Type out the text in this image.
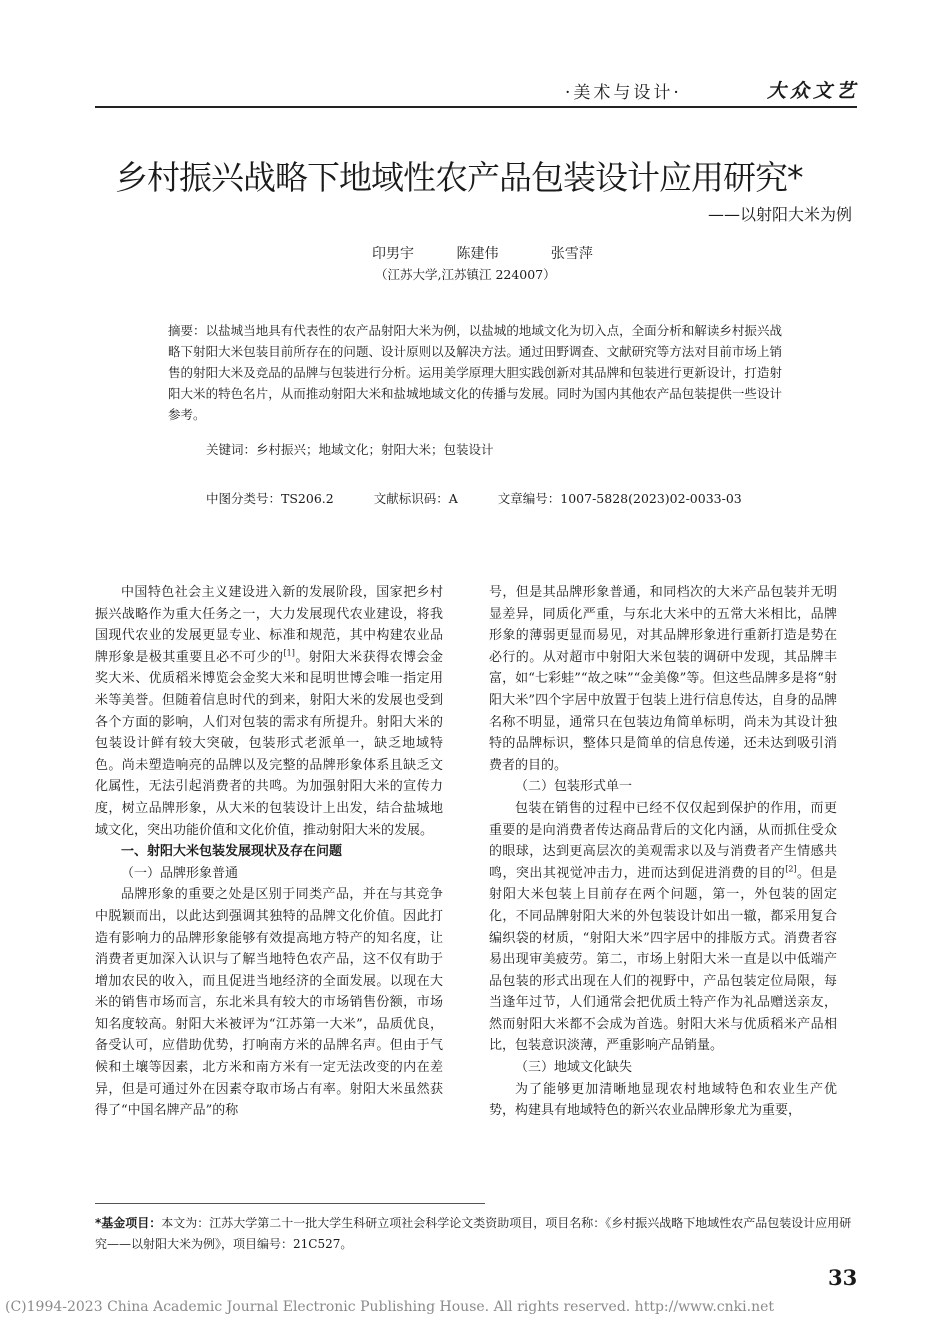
·美术与设计·	大众文艺
乡村振兴战略下地域性农产品包装设计应用研究*
——以射阳大米为例
印男宇	陈建伟	张雪萍
（江苏大学,江苏镇江 224007）
摘要：以盐城当地具有代表性的农产品射阳大米为例，以盐城的地域文化为切入点，全面分析和解读乡村振兴战略下射阳大米包装目前所存在的问题、设计原则以及解决方法。通过田野调查、文献研究等方法对目前市场上销售的射阳大米及竞品的品牌与包装进行分析。运用美学原理大胆实践创新对其品牌和包装进行更新设计，打造射阳大米的特色名片，从而推动射阳大米和盐城地域文化的传播与发展。同时为国内其他农产品包装提供一些设计参考。
关键词：乡村振兴；地域文化；射阳大米；包装设计
中图分类号：TS206.2	文献标识码：A	文章编号：1007-5828(2023)02-0033-03

中国特色社会主义建设进入新的发展阶段，国家把乡村振兴战略作为重大任务之一，大力发展现代农业建设，将我国现代农业的发展更显专业、标准和规范，其中构建农业品牌形象是极其重要且必不可少的[1]。射阳大米获得农博会金奖大米、优质稻米博览会金奖大米和昆明世博会唯一指定用米等美誉。但随着信息时代的到来，射阳大米的发展也受到各个方面的影响，人们对包装的需求有所提升。射阳大米的包装设计鲜有较大突破，包装形式老派单一，缺乏地域特色。尚未塑造响亮的品牌以及完整的品牌形象体系且缺乏文化属性，无法引起消费者的共鸣。为加强射阳大米的宣传力度，树立品牌形象，从大米的包装设计上出发，结合盐城地域文化，突出功能价值和文化价值，推动射阳大米的发展。

一、射阳大米包装发展现状及存在问题

（一）品牌形象普通

品牌形象的重要之处是区别于同类产品，并在与其竞争中脱颖而出，以此达到强调其独特的品牌文化价值。因此打造有影响力的品牌形象能够有效提高地方特产的知名度，让消费者更加深入认识与了解当地特色农产品，这不仅有助于增加农民的收入，而且促进当地经济的全面发展。以现在大米的销售市场而言，东北米具有较大的市场销售份额，市场知名度较高。射阳大米被评为“江苏第一大米”，品质优良，备受认可，应借助优势，打响南方米的品牌名声。但由于气候和土壤等因素，北方米和南方米有一定无法改变的内在差异，但是可通过外在因素夺取市场占有率。射阳大米虽然获得了“中国名牌产品”的称

号，但是其品牌形象普通，和同档次的大米产品包装并无明显差异，同质化严重，与东北大米中的五常大米相比，品牌形象的薄弱更显而易见，对其品牌形象进行重新打造是势在必行的。从对超市中射阳大米包装的调研中发现，其品牌丰富，如“七彩蛙”“故之味”“金美像”等。但这些品牌多是将“射阳大米”四个字居中放置于包装上进行信息传达，自身的品牌名称不明显，通常只在包装边角简单标明，尚未为其设计独特的品牌标识，整体只是简单的信息传递，还未达到吸引消费者的目的。

（二）包装形式单一

包装在销售的过程中已经不仅仅起到保护的作用，而更重要的是向消费者传达商品背后的文化内涵，从而抓住受众的眼球，达到更高层次的美观需求以及与消费者产生情感共鸣，突出其视觉冲击力，进而达到促进消费的目的[2]。但是射阳大米包装上目前存在两个问题，第一，外包装的固定化，不同品牌射阳大米的外包装设计如出一辙，都采用复合编织袋的材质，“射阳大米”四字居中的排版方式。消费者容易出现审美疲劳。第二，市场上射阳大米一直是以中低端产品包装的形式出现在人们的视野中，产品包装定位局限，每当逢年过节，人们通常会把优质土特产作为礼品赠送亲友，然而射阳大米都不会成为首选。射阳大米与优质稻米产品相比，包装意识淡薄，严重影响产品销量。

（三）地域文化缺失

为了能够更加清晰地显现农村地域特色和农业生产优势，构建具有地域特色的新兴农业品牌形象尤为重要，

*基金项目：本文为：江苏大学第二十一批大学生科研立项社会科学论文类资助项目，项目名称：《乡村振兴战略下地域性农产品包装设计应用研究——以射阳大米为例》，项目编号：21C527。
33
(C)1994-2023 China Academic Journal Electronic Publishing House. All rights reserved. http://www.cnki.net
